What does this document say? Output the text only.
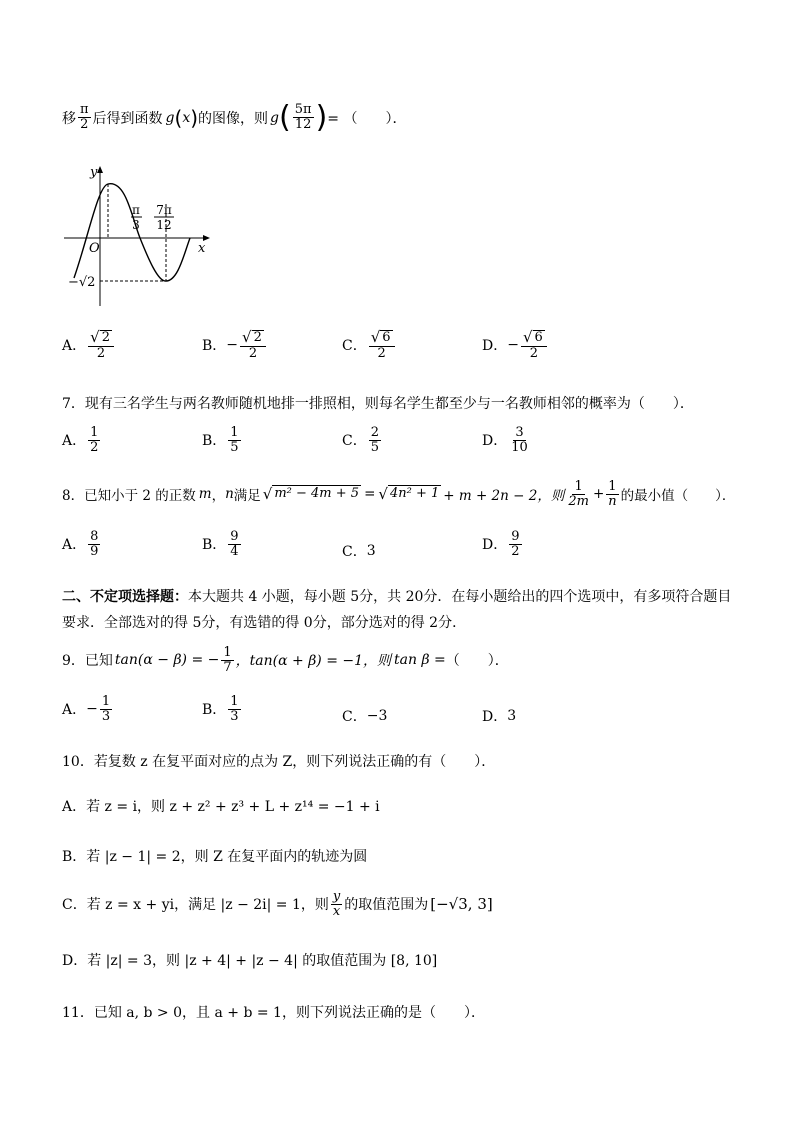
移 $\frac{\pi}{2}$ 后得到函数 g ( x ) 的图像，则 g ( $\frac{5\pi}{12}$ ) = （　　）．
y
x
O
π
3
7π
12
−√2
A． $\frac{√ 2}{2}$	B． − $\frac{√ 2}{2}$	C． $\frac{√ 6}{2}$	D． − $\frac{√ 6}{2}$
7．现有三名学生与两名教师随机地排一排照相，则每名学生都至少与一名教师相邻的概率为（　　）．
A． $\frac{1}{2}$	B． $\frac{1}{5}$	C． $\frac{2}{5}$	D． $\frac{3}{10}$
8．已知小于 2 的正数 m ， n 满足 √ m² − 4m + 5 = √ 4n² + 1 + m + 2n − 2，则 $\frac{1}{2m} + \frac{1}{n}$ 的最小值（　　）．
A． $\frac{8}{9}$	B． $\frac{9}{4}$	C． 3	D． $\frac{9}{2}$
二、不定项选择题：本大题共 4 小题，每小题 5分，共 20分．在每小题给出的四个选项中，有多项符合题目
要求．全部选对的得 5分，有选错的得 0分，部分选对的得 2分．
9．已知 tan(α − β) = − $\frac{1}{7}$ ，tan(α + β) = −1，则 tan β = （　　）．
A． − $\frac{1}{3}$	B． $\frac{1}{3}$	C． −3	D． 3
10．若复数 z 在复平面对应的点为 Z，则下列说法正确的有（　　）．
A．若 z = i，则 z + z² + z³ + L + z¹⁴ = −1 + i
B．若 |z − 1| = 2，则 Z 在复平面内的轨迹为圆
C．若 z = x + yi，满足 |z − 2i| = 1，则 $\frac{y}{x}$ 的取值范围为 [−√3, 3]
D．若 |z| = 3，则 |z + 4| + |z − 4| 的取值范围为 [8, 10]
11．已知 a, b > 0，且 a + b = 1，则下列说法正确的是（　　）．
